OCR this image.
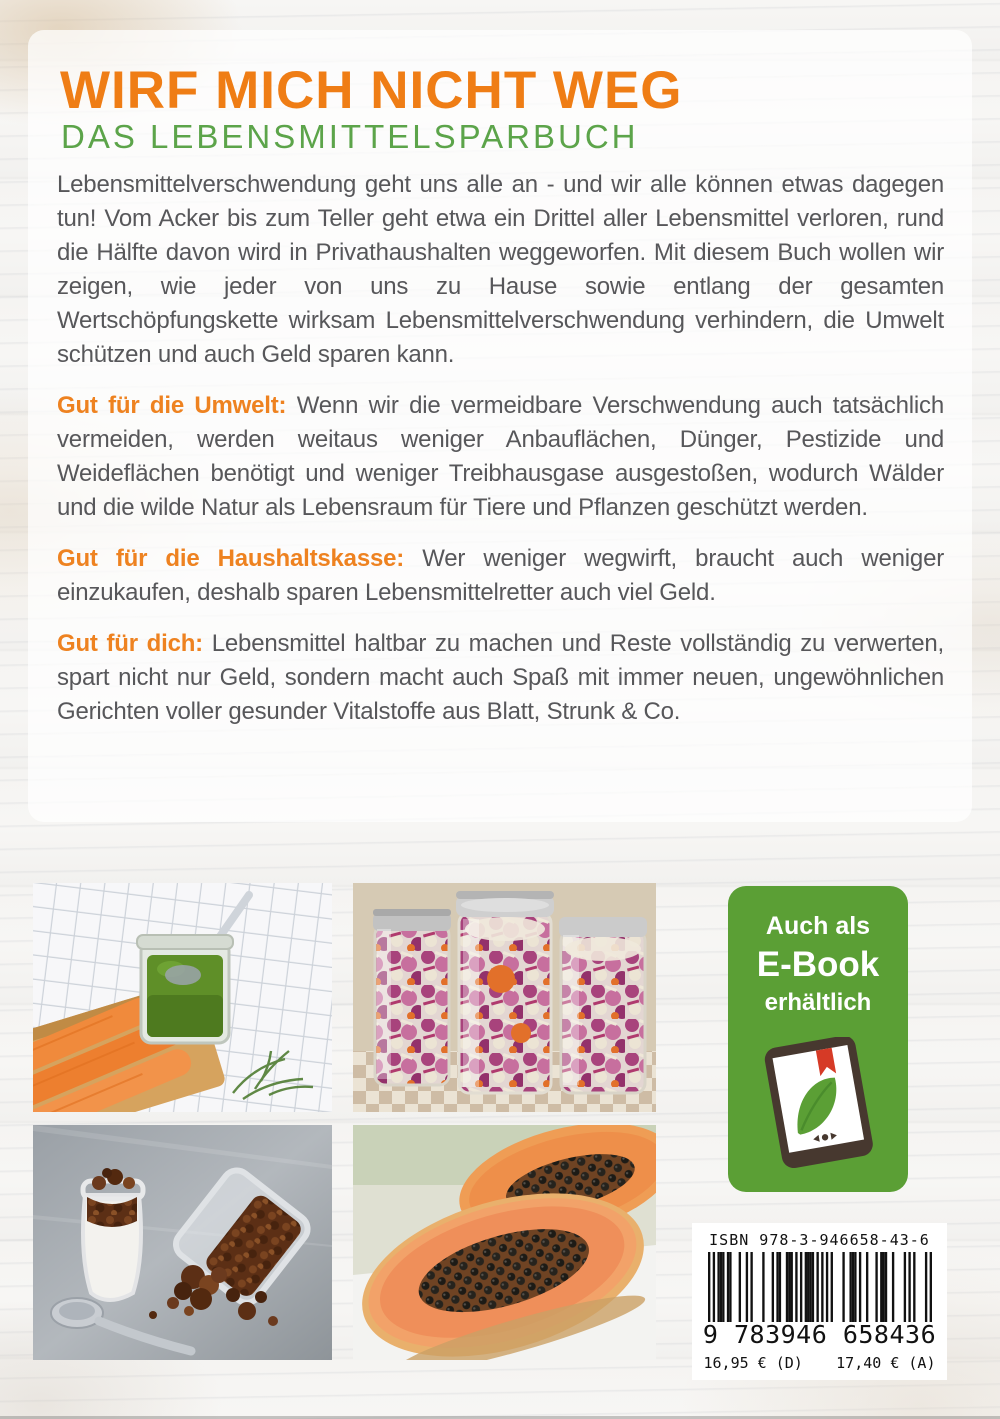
WIRF MICH NICHT WEG
DAS LEBENSMITTELSPARBUCH

Lebensmittelverschwendung geht uns alle an - und wir alle können etwas dagegen tun! Vom Acker bis zum Teller geht etwa ein Drittel aller Lebensmittel verloren, rund die Hälfte davon wird in Privathaushalten weggeworfen. Mit diesem Buch wollen wir zeigen, wie jeder von uns zu Hause sowie entlang der gesamten Wertschöpfungskette wirksam Lebensmittelverschwendung verhindern, die Umwelt schützen und auch Geld sparen kann.

Gut für die Umwelt: Wenn wir die vermeidbare Verschwendung auch tatsächlich vermeiden, werden weitaus weniger Anbauflächen, Dünger, Pestizide und Weideflächen benötigt und weniger Treibhausgase ausgestoßen, wodurch Wälder und die wilde Natur als Lebensraum für Tiere und Pflanzen geschützt werden.

Gut für die Haushaltskasse: Wer weniger wegwirft, braucht auch weniger einzukaufen, deshalb sparen Lebensmittelretter auch viel Geld.

Gut für dich: Lebensmittel haltbar zu machen und Reste vollständig zu verwerten, spart nicht nur Geld, sondern macht auch Spaß mit immer neuen, ungewöhnlichen Gerichten voller gesunder Vitalstoffe aus Blatt, Strunk & Co.

Auch als
E-Book
erhältlich
ISBN 978-3-946658-43-6
9 783946 658436
16,95 € (D) 17,40 € (A)
